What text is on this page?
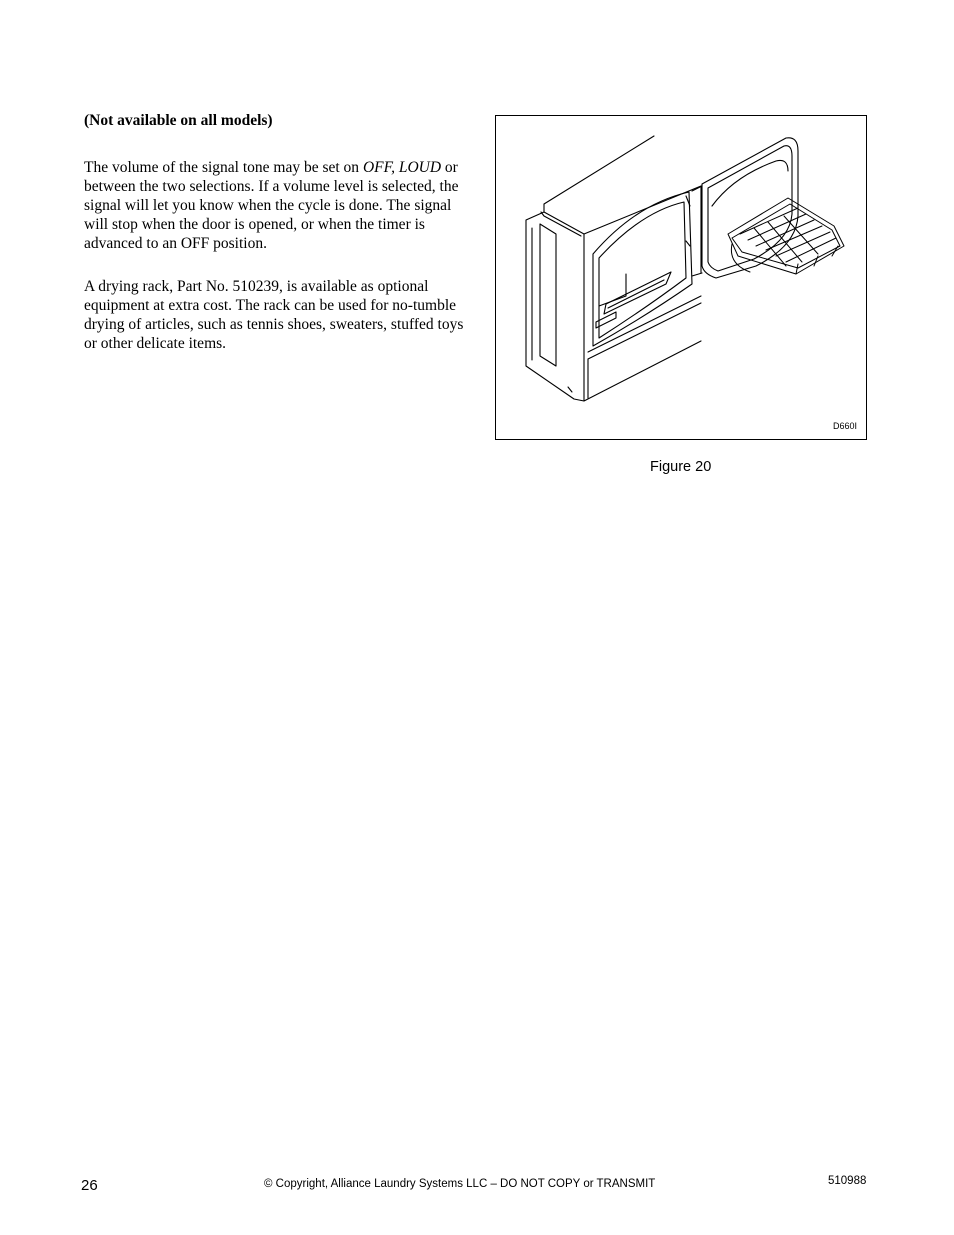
(Not available on all models)
The volume of the signal tone may be set on OFF, LOUD or between the two selections. If a volume level is selected, the signal will let you know when the cycle is done. The signal will stop when the door is opened, or when the timer is advanced to an OFF position.
A drying rack, Part No. 510239, is available as optional equipment at extra cost. The rack can be used for no-tumble drying of articles, such as tennis shoes, sweaters, stuffed toys or other delicate items.
D660I
Figure 20
26	© Copyright, Alliance Laundry Systems LLC – DO NOT COPY or TRANSMIT	510988
